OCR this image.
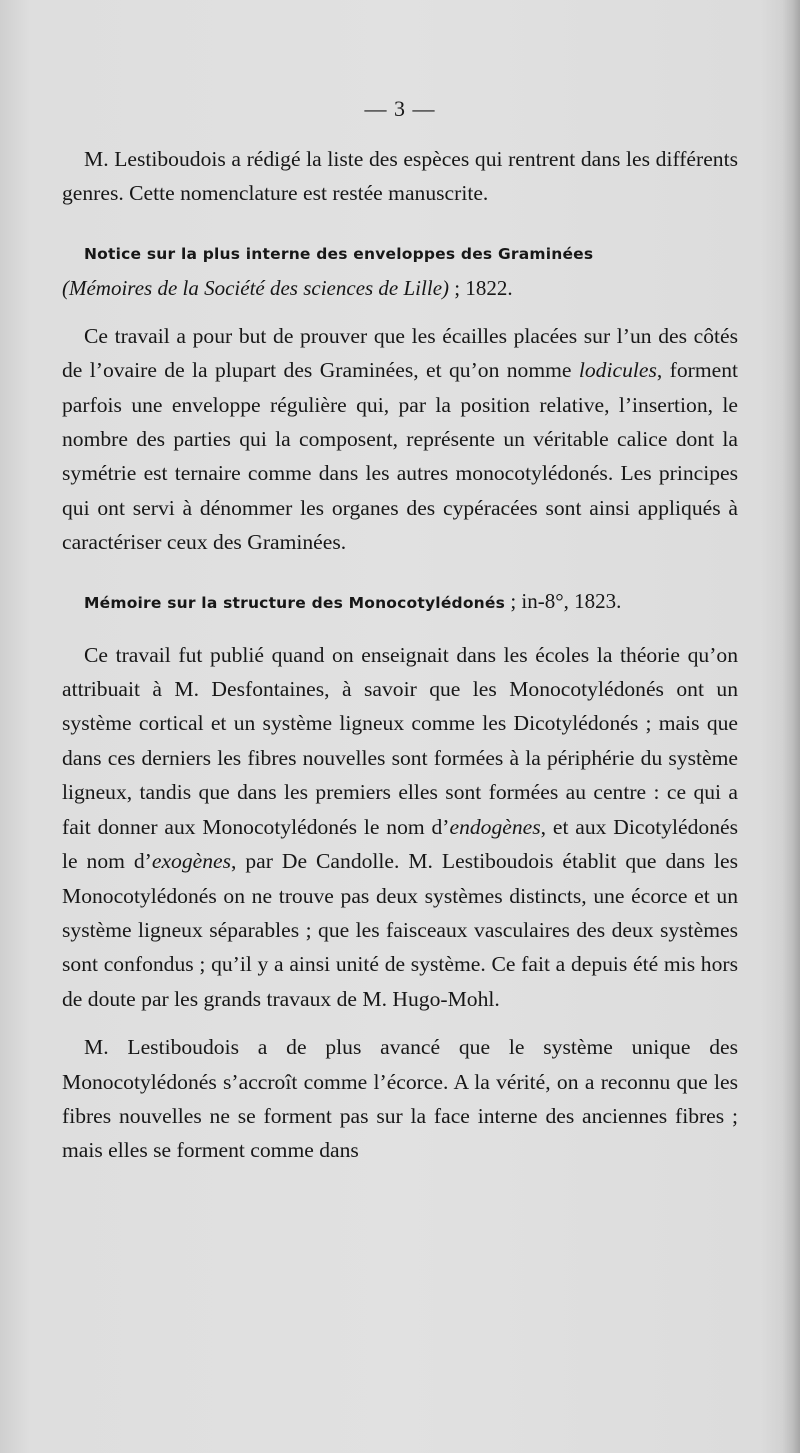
— 3 —

M. Lestiboudois a rédigé la liste des espèces qui rentrent dans les différents genres. Cette nomenclature est restée manuscrite.

Notice sur la plus interne des enveloppes des Graminées
(Mémoires de la Société des sciences de Lille) ; 1822.

Ce travail a pour but de prouver que les écailles placées sur l’un des côtés de l’ovaire de la plupart des Graminées, et qu’on nomme lodicules, forment parfois une enveloppe régulière qui, par la position relative, l’insertion, le nombre des parties qui la composent, représente un véritable calice dont la symétrie est ternaire comme dans les autres monocotylédonés. Les principes qui ont servi à dénommer les organes des cypéracées sont ainsi appliqués à caractériser ceux des Graminées.

Mémoire sur la structure des Monocotylédonés ; in-8°, 1823.

Ce travail fut publié quand on enseignait dans les écoles la théorie qu’on attribuait à M. Desfontaines, à savoir que les Monocotylédonés ont un système cortical et un système ligneux comme les Dicotylédonés ; mais que dans ces derniers les fibres nouvelles sont formées à la périphérie du système ligneux, tandis que dans les premiers elles sont formées au centre : ce qui a fait donner aux Monocotylédonés le nom d’endogènes, et aux Dicotylédonés le nom d’exogènes, par De Candolle. M. Lestiboudois établit que dans les Monocotylédonés on ne trouve pas deux systèmes distincts, une écorce et un système ligneux séparables ; que les faisceaux vasculaires des deux systèmes sont confondus ; qu’il y a ainsi unité de système. Ce fait a depuis été mis hors de doute par les grands travaux de M. Hugo-Mohl.

M. Lestiboudois a de plus avancé que le système unique des Monocotylédonés s’accroît comme l’écorce. A la vérité, on a reconnu que les fibres nouvelles ne se forment pas sur la face interne des anciennes fibres ; mais elles se forment comme dans
